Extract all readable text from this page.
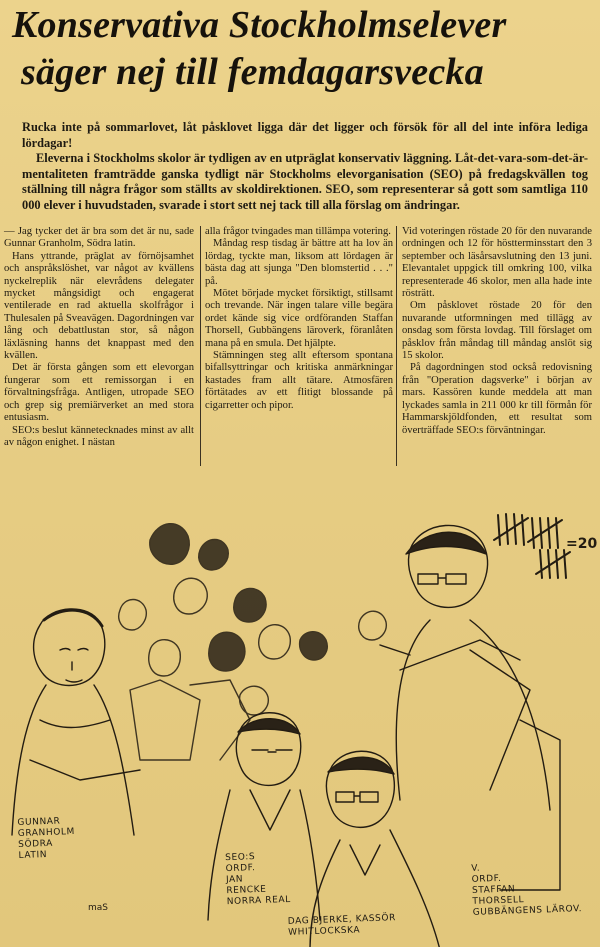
Konservativa Stockholmselever
säger nej till femdagarsvecka

Rucka inte på sommarlovet, låt påsklovet ligga där det ligger och försök för all del inte införa lediga lördagar!

Eleverna i Stockholms skolor är tydligen av en utpräglat konservativ läggning. Låt-det-vara-som-det-är-mentaliteten framträdde ganska tydligt när Stockholms elevorganisation (SEO) på fredagskvällen tog ställning till några frågor som ställts av skoldirektionen. SEO, som representerar så gott som samtliga 110 000 elever i huvudstaden, svarade i stort sett nej tack till alla förslag om ändringar.

— Jag tycker det är bra som det är nu, sade Gunnar Granholm, Södra latin.

Hans yttrande, präglat av förnöjsamhet och anspråkslöshet, var något av kvällens nyckelreplik när elevrådens delegater mycket mångsidigt och engagerat ventilerade en rad aktuella skolfrågor i Thulesalen på Sveavägen. Dagordningen var lång och debattlustan stor, så någon läxläsning hanns det knappast med den kvällen.

Det är första gången som ett elevorgan fungerar som ett remissorgan i en förvaltningsfråga. Antligen, utropade SEO och grep sig premiärverket an med stora entusiasm.

SEO:s beslut kännetecknades minst av allt av någon enighet. I nästan

alla frågor tvingades man tillämpa votering.

Måndag resp tisdag är bättre att ha lov än lördag, tyckte man, liksom att lördagen är bästa dag att sjunga "Den blomstertid . . ." på.

Mötet började mycket försiktigt, stillsamt och trevande. När ingen talare ville begära ordet kände sig vice ordföranden Staffan Thorsell, Gubbängens läroverk, föranlåten mana på en smula. Det hjälpte.

Stämningen steg allt eftersom spontana bifallsyttringar och kritiska anmärkningar kastades fram allt tätare. Atmosfären förtätades av ett flitigt blossande på cigarretter och pipor.

Vid voteringen röstade 20 för den nuvarande ordningen och 12 för höstterminsstart den 3 september och läsårsavslutning den 13 juni. Elevantalet uppgick till omkring 100, vilka representerade 46 skolor, men alla hade inte rösträtt.

Om påsklovet röstade 20 för den nuvarande utformningen med tillägg av onsdag som första lovdag. Till förslaget om påsklov från måndag till måndag anslöt sig 15 skolor.

På dagordningen stod också redovisning från "Operation dagsverke" i början av mars. Kassören kunde meddela att man lyckades samla in 211 000 kr till förmån för Hammarskjöldfonden, ett resultat som överträffade SEO:s förväntningar.

=20
maS
GUNNAR
GRANHOLM
SÖDRA
LATIN	SEO:S
ORDF.
JAN
RENCKE
NORRA REAL
DAG BJERKE, KASSÖR
WHITLOCKSKA
V.
ORDF.
STAFFAN
THORSELL
GUBBÄNGENS LÄROV.
